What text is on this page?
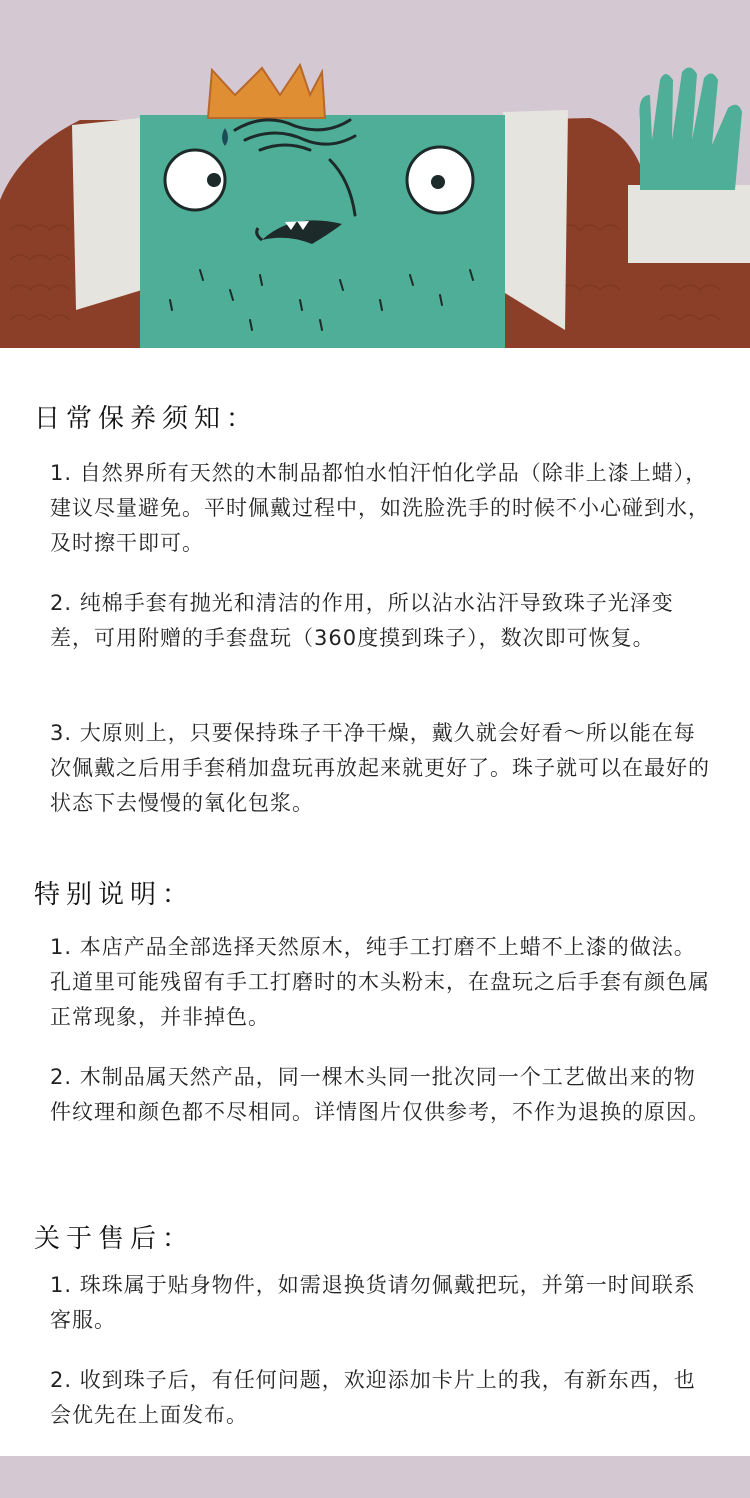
日常保养须知：

1. 自然界所有天然的木制品都怕水怕汗怕化学品（除非上漆上蜡），建议尽量避免。平时佩戴过程中，如洗脸洗手的时候不小心碰到水，及时擦干即可。

2. 纯棉手套有抛光和清洁的作用，所以沾水沾汗导致珠子光泽变差，可用附赠的手套盘玩（360度摸到珠子），数次即可恢复。

3. 大原则上，只要保持珠子干净干燥，戴久就会好看～所以能在每次佩戴之后用手套稍加盘玩再放起来就更好了。珠子就可以在最好的状态下去慢慢的氧化包浆。

特别说明：

1. 本店产品全部选择天然原木，纯手工打磨不上蜡不上漆的做法。孔道里可能残留有手工打磨时的木头粉末，在盘玩之后手套有颜色属正常现象，并非掉色。

2. 木制品属天然产品，同一棵木头同一批次同一个工艺做出来的物件纹理和颜色都不尽相同。详情图片仅供参考，不作为退换的原因。

关于售后：

1. 珠珠属于贴身物件，如需退换货请勿佩戴把玩，并第一时间联系客服。

2. 收到珠子后，有任何问题，欢迎添加卡片上的我，有新东西，也会优先在上面发布。
